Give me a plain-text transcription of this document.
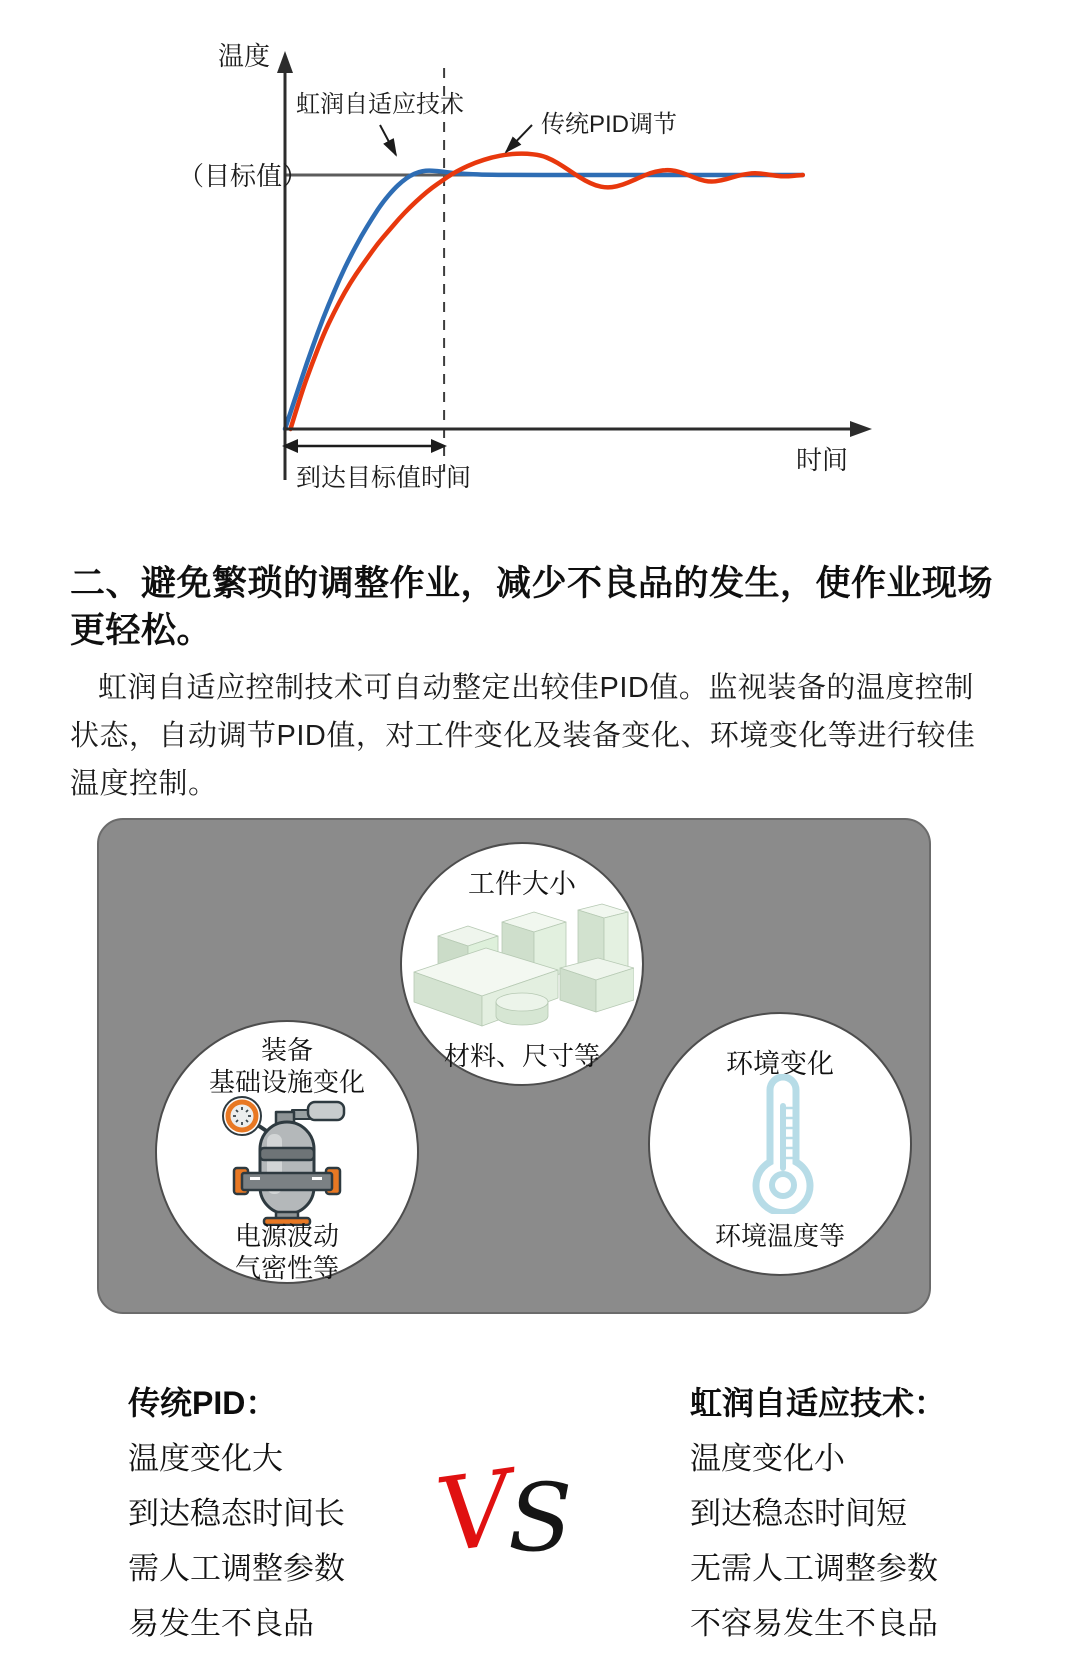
温度
（目标值）
虹润自适应技术
传统PID调节
时间
到达目标值时间
二、避免繁琐的调整作业，减少不良品的发生，使作业现场
更轻松。
虹润自适应控制技术可自动整定出较佳PID值。监视装备的温度控制
状态，自动调节PID值，对工件变化及装备变化、环境变化等进行较佳
温度控制。
工件大小
材料、尺寸等
装备
基础设施变化
电源波动
气密性等
环境变化
环境温度等
传统PID：
温度变化大
到达稳态时间长
需人工调整参数
易发生不良品
V
S
虹润自适应技术：
温度变化小
到达稳态时间短
无需人工调整参数
不容易发生不良品
